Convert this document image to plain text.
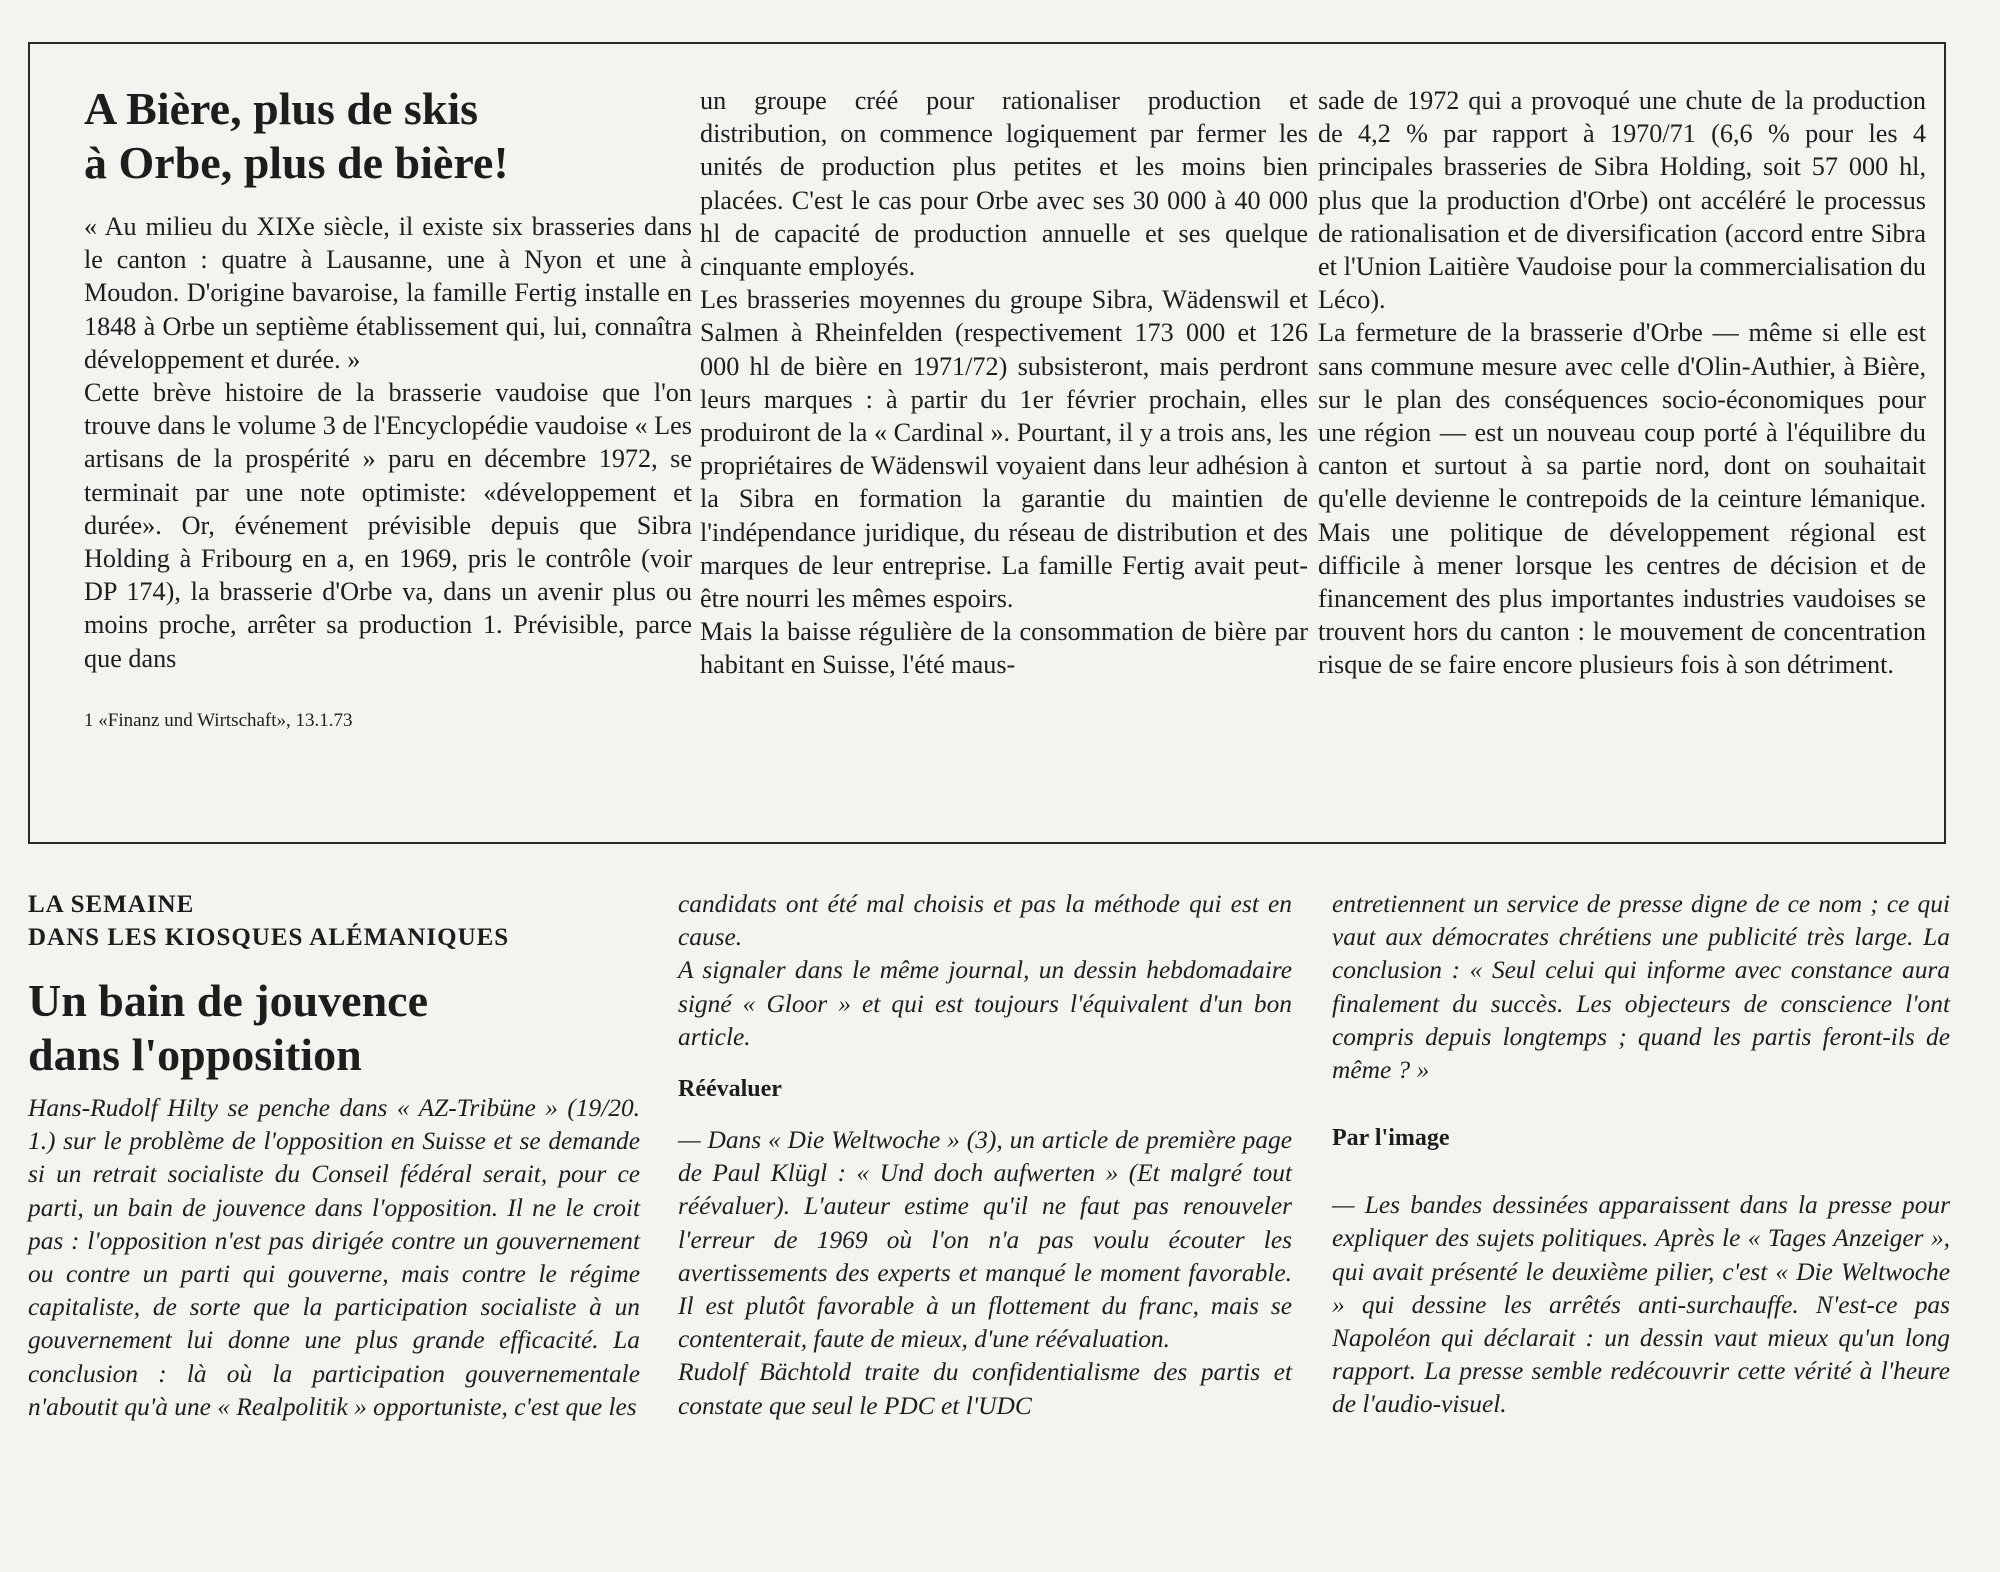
A Bière, plus de skis
à Orbe, plus de bière!

« Au milieu du XIXe siècle, il existe six brasseries dans le canton : quatre à Lausanne, une à Nyon et une à Moudon. D'origine bavaroise, la famille Fertig installe en 1848 à Orbe un septième établissement qui, lui, connaîtra développement et durée. »

Cette brève histoire de la brasserie vaudoise que l'on trouve dans le volume 3 de l'Encyclopédie vaudoise « Les artisans de la prospérité » paru en décembre 1972, se terminait par une note optimiste: «développement et durée». Or, événement prévisible depuis que Sibra Holding à Fribourg en a, en 1969, pris le contrôle (voir DP 174), la brasserie d'Orbe va, dans un avenir plus ou moins proche, arrêter sa production 1. Prévisible, parce que dans

1 «Finanz und Wirtschaft», 13.1.73

un groupe créé pour rationaliser production et distribution, on commence logiquement par fermer les unités de production plus petites et les moins bien placées. C'est le cas pour Orbe avec ses 30 000 à 40 000 hl de capacité de production annuelle et ses quelque cinquante employés.

Les brasseries moyennes du groupe Sibra, Wädenswil et Salmen à Rheinfelden (respectivement 173 000 et 126 000 hl de bière en 1971/72) subsisteront, mais perdront leurs marques : à partir du 1er février prochain, elles produiront de la « Cardinal ». Pourtant, il y a trois ans, les propriétaires de Wädenswil voyaient dans leur adhésion à la Sibra en formation la garantie du maintien de l'indépendance juridique, du réseau de distribution et des marques de leur entreprise. La famille Fertig avait peut-être nourri les mêmes espoirs.

Mais la baisse régulière de la consommation de bière par habitant en Suisse, l'été maus-

sade de 1972 qui a provoqué une chute de la production de 4,2 % par rapport à 1970/71 (6,6 % pour les 4 principales brasseries de Sibra Holding, soit 57 000 hl, plus que la production d'Orbe) ont accéléré le processus de rationalisation et de diversification (accord entre Sibra et l'Union Laitière Vaudoise pour la commercialisation du Léco).

La fermeture de la brasserie d'Orbe — même si elle est sans commune mesure avec celle d'Olin-Authier, à Bière, sur le plan des conséquences socio-économiques pour une région — est un nouveau coup porté à l'équilibre du canton et surtout à sa partie nord, dont on souhaitait qu'elle devienne le contrepoids de la ceinture lémanique. Mais une politique de développement régional est difficile à mener lorsque les centres de décision et de financement des plus importantes industries vaudoises se trouvent hors du canton : le mouvement de concentration risque de se faire encore plusieurs fois à son détriment.

LA SEMAINE

DANS LES KIOSQUES ALÉMANIQUES

Un bain de jouvence
dans l'opposition

Hans-Rudolf Hilty se penche dans « AZ-Tribüne » (19/20. 1.) sur le problème de l'opposition en Suisse et se demande si un retrait socialiste du Conseil fédéral serait, pour ce parti, un bain de jouvence dans l'opposition. Il ne le croit pas : l'opposition n'est pas dirigée contre un gouvernement ou contre un parti qui gouverne, mais contre le régime capitaliste, de sorte que la participation socialiste à un gouvernement lui donne une plus grande efficacité. La conclusion : là où la participation gouvernementale n'aboutit qu'à une « Realpolitik » opportuniste, c'est que les

candidats ont été mal choisis et pas la méthode qui est en cause.

A signaler dans le même journal, un dessin hebdomadaire signé « Gloor » et qui est toujours l'équivalent d'un bon article.

Réévaluer

— Dans « Die Weltwoche » (3), un article de première page de Paul Klügl : « Und doch aufwerten » (Et malgré tout réévaluer). L'auteur estime qu'il ne faut pas renouveler l'erreur de 1969 où l'on n'a pas voulu écouter les avertissements des experts et manqué le moment favorable. Il est plutôt favorable à un flottement du franc, mais se contenterait, faute de mieux, d'une réévaluation.

Rudolf Bächtold traite du confidentialisme des partis et constate que seul le PDC et l'UDC

entretiennent un service de presse digne de ce nom ; ce qui vaut aux démocrates chrétiens une publicité très large. La conclusion : « Seul celui qui informe avec constance aura finalement du succès. Les objecteurs de conscience l'ont compris depuis longtemps ; quand les partis feront-ils de même ? »

Par l'image

— Les bandes dessinées apparaissent dans la presse pour expliquer des sujets politiques. Après le « Tages Anzeiger », qui avait présenté le deuxième pilier, c'est « Die Weltwoche » qui dessine les arrêtés anti-surchauffe. N'est-ce pas Napoléon qui déclarait : un dessin vaut mieux qu'un long rapport. La presse semble redécouvrir cette vérité à l'heure de l'audio-visuel.
